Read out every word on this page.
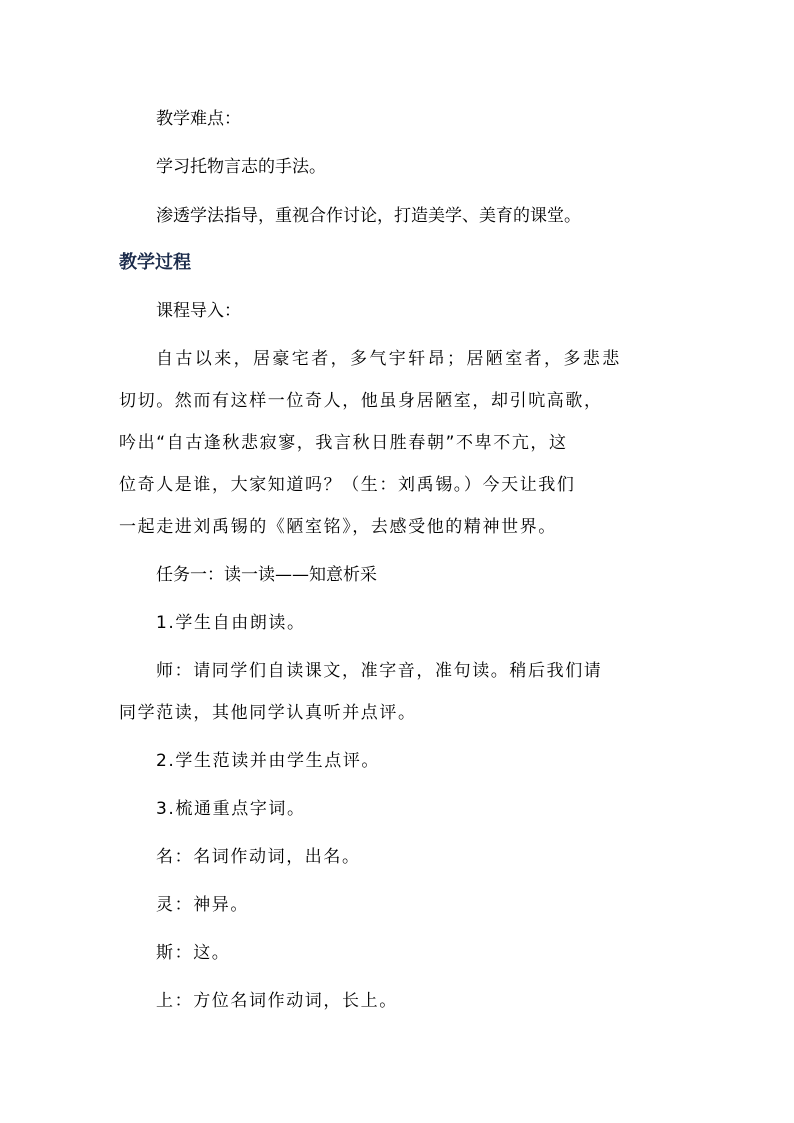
教学难点：
学习托物言志的手法。
渗透学法指导，重视合作讨论，打造美学、美育的课堂。
教学过程
课程导入：
自古以来，居豪宅者，多气宇轩昂；居陋室者，多悲悲
切切。然而有这样一位奇人，他虽身居陋室，却引吭高歌，
吟出“自古逢秋悲寂寥，我言秋日胜春朝”不卑不亢，这
位奇人是谁，大家知道吗？（生：刘禹锡。）今天让我们
一起走进刘禹锡的《陋室铭》，去感受他的精神世界。
任务一：读一读——知意析采
1.学生自由朗读。
师：请同学们自读课文，准字音，准句读。稍后我们请
同学范读，其他同学认真听并点评。
2.学生范读并由学生点评。
3.梳通重点字词。
名：名词作动词，出名。
灵：神异。
斯：这。
上：方位名词作动词，长上。
